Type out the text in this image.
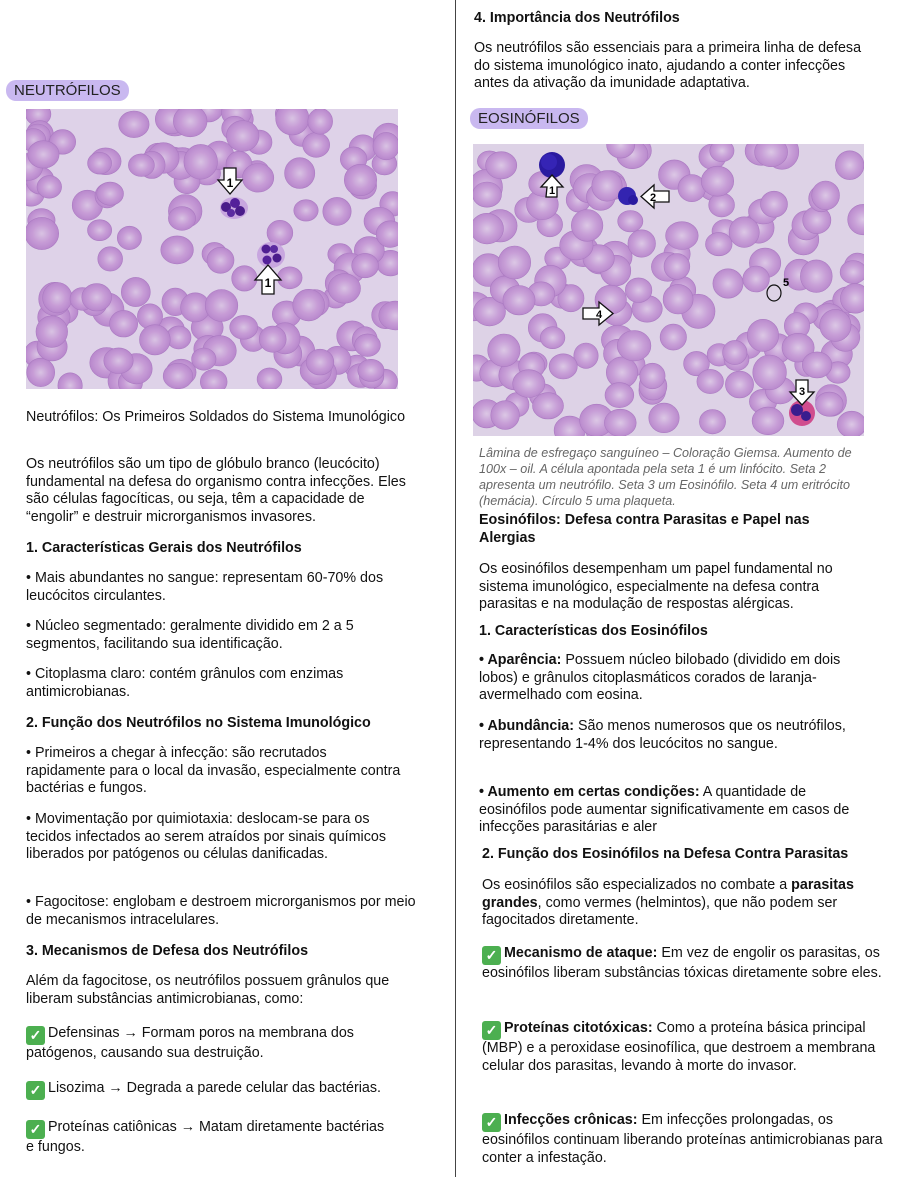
NEUTRÓFILOS
1
1

Neutrófilos: Os Primeiros Soldados do Sistema Imunológico

Os neutrófilos são um tipo de glóbulo branco (leucócito) fundamental na defesa do organismo contra infecções. Eles são células fagocíticas, ou seja, têm a capacidade de “engolir” e destruir microrganismos invasores.

1. Características Gerais dos Neutrófilos

• Mais abundantes no sangue: representam 60-70% dos leucócitos circulantes.

• Núcleo segmentado: geralmente dividido em 2 a 5 segmentos, facilitando sua identificação.

• Citoplasma claro: contém grânulos com enzimas antimicrobianas.

2. Função dos Neutrófilos no Sistema Imunológico

• Primeiros a chegar à infecção: são recrutados rapidamente para o local da invasão, especialmente contra bactérias e fungos.

• Movimentação por quimiotaxia: deslocam-se para os tecidos infectados ao serem atraídos por sinais químicos liberados por patógenos ou células danificadas.

• Fagocitose: englobam e destroem microrganismos por meio de mecanismos intracelulares.

3. Mecanismos de Defesa dos Neutrófilos

Além da fagocitose, os neutrófilos possuem grânulos que liberam substâncias antimicrobianas, como:

✓ Defensinas → Formam poros na membrana dos patógenos, causando sua destruição.

✓ Lisozima → Degrada a parede celular das bactérias.

✓ Proteínas catiônicas → Matam diretamente bactérias e fungos.

4. Importância dos Neutrófilos

Os neutrófilos são essenciais para a primeira linha de defesa do sistema imunológico inato, ajudando a conter infecções antes da ativação da imunidade adaptativa.

EOSINÓFILOS
5
1
2
3
4

Lâmina de esfregaço sanguíneo – Coloração Giemsa. Aumento de 100x – oil. A célula apontada pela seta 1 é um linfócito. Seta 2 apresenta um neutrófilo. Seta 3 um Eosinófilo. Seta 4 um eritrócito (hemácia). Círculo 5 uma plaqueta.

Eosinófilos: Defesa contra Parasitas e Papel nas Alergias

Os eosinófilos desempenham um papel fundamental no sistema imunológico, especialmente na defesa contra parasitas e na modulação de respostas alérgicas.

1. Características dos Eosinófilos

• Aparência: Possuem núcleo bilobado (dividido em dois lobos) e grânulos citoplasmáticos corados de laranja-avermelhado com eosina.

• Abundância: São menos numerosos que os neutrófilos, representando 1-4% dos leucócitos no sangue.

• Aumento em certas condições: A quantidade de eosinófilos pode aumentar significativamente em casos de infecções parasitárias e aler

2. Função dos Eosinófilos na Defesa Contra Parasitas

Os eosinófilos são especializados no combate a parasitas grandes, como vermes (helmintos), que não podem ser fagocitados diretamente.

✓ Mecanismo de ataque: Em vez de engolir os parasitas, os eosinófilos liberam substâncias tóxicas diretamente sobre eles.

✓ Proteínas citotóxicas: Como a proteína básica principal (MBP) e a peroxidase eosinofílica, que destroem a membrana celular dos parasitas, levando à morte do invasor.

✓ Infecções crônicas: Em infecções prolongadas, os eosinófilos continuam liberando proteínas antimicrobianas para conter a infestação.
